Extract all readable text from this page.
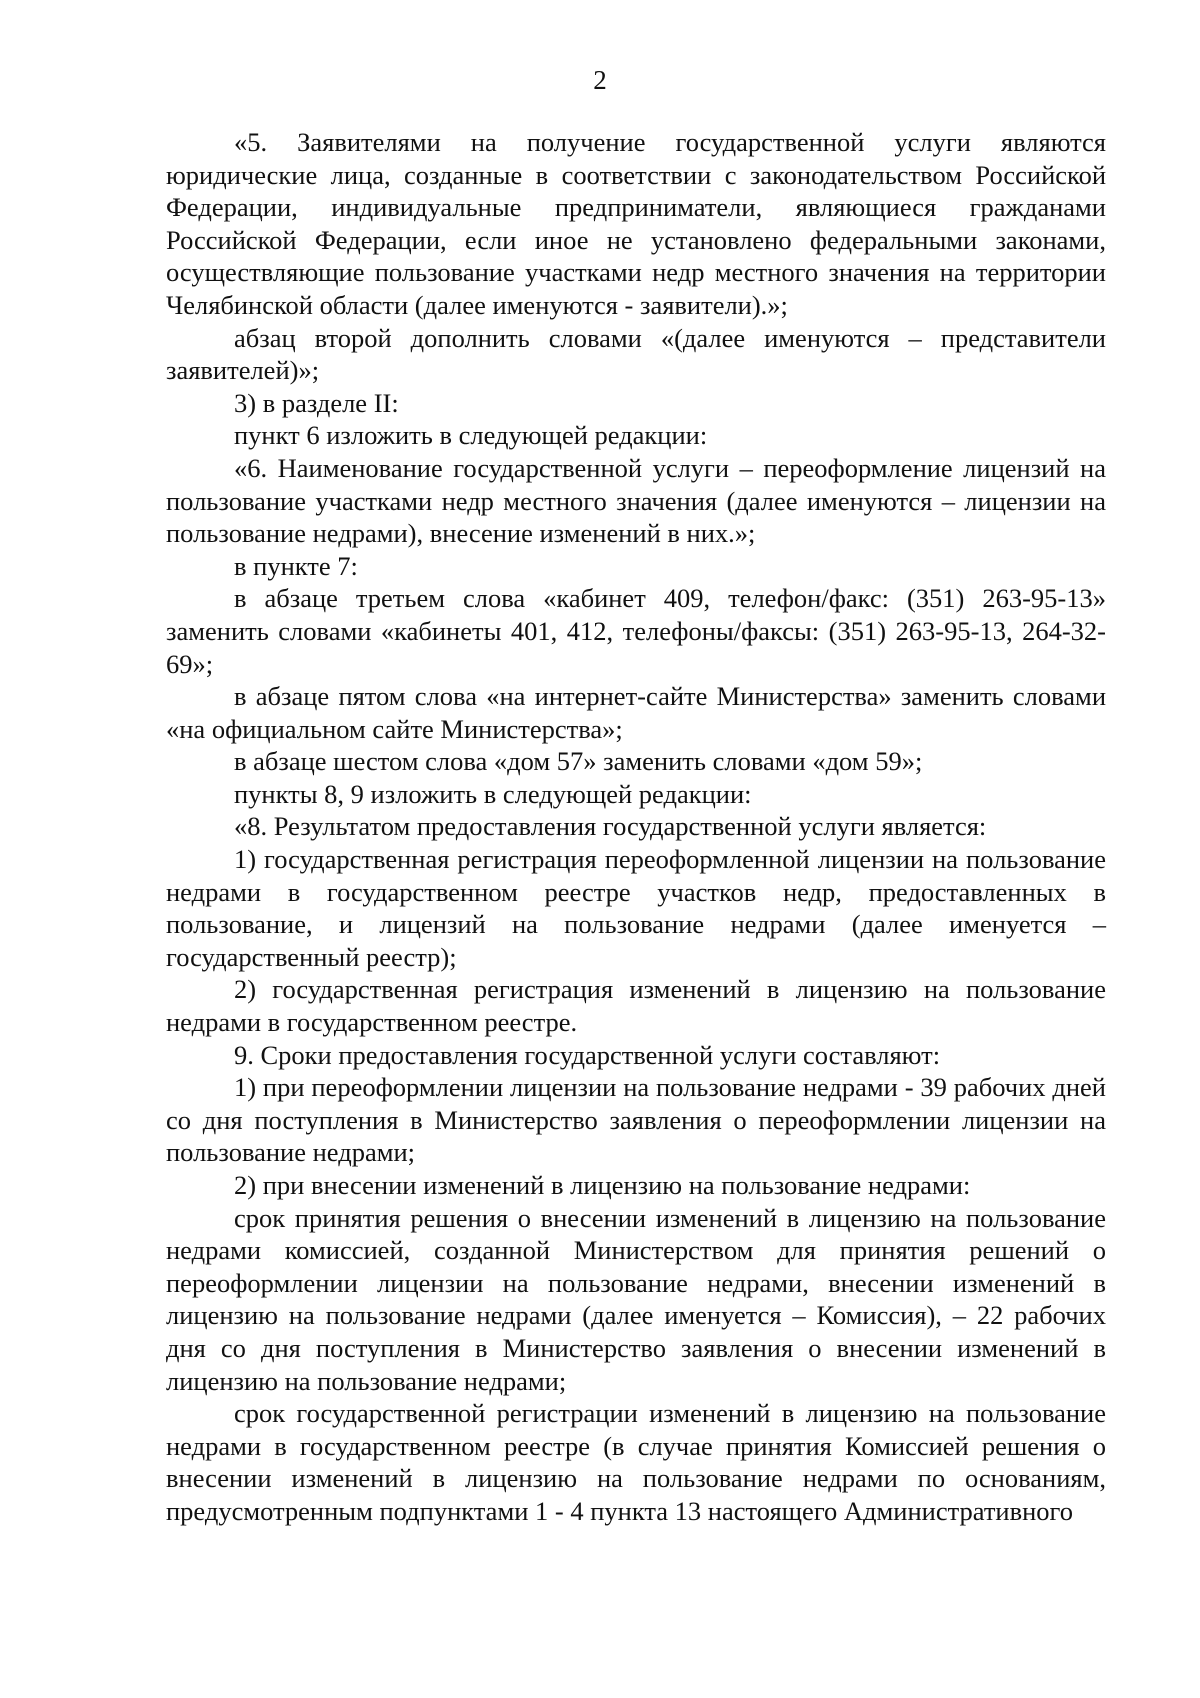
2

«5. Заявителями на получение государственной услуги являются юридические лица, созданные в соответствии с законодательством Российской Федерации, индивидуальные предприниматели, являющиеся гражданами Российской Федерации, если иное не установлено федеральными законами, осуществляющие пользование участками недр местного значения на территории Челябинской области (далее именуются - заявители).»;

абзац второй дополнить словами «(далее именуются – представители заявителей)»;

3) в разделе II:

пункт 6 изложить в следующей редакции:

«6. Наименование государственной услуги – переоформление лицензий на пользование участками недр местного значения (далее именуются – лицензии на пользование недрами), внесение изменений в них.»;

в пункте 7:

в абзаце третьем слова «кабинет 409, телефон/факс: (351) 263-95-13» заменить словами «кабинеты 401, 412, телефоны/факсы: (351) 263-95-13, 264-32-69»;

в абзаце пятом слова «на интернет-сайте Министерства» заменить словами «на официальном сайте Министерства»;

в абзаце шестом слова «дом 57» заменить словами «дом 59»;

пункты 8, 9 изложить в следующей редакции:

«8. Результатом предоставления государственной услуги является:

1) государственная регистрация переоформленной лицензии на пользование недрами в государственном реестре участков недр, предоставленных в пользование, и лицензий на пользование недрами (далее именуется – государственный реестр);

2) государственная регистрация изменений в лицензию на пользование недрами в государственном реестре.

9. Сроки предоставления государственной услуги составляют:

1) при переоформлении лицензии на пользование недрами - 39 рабочих дней со дня поступления в Министерство заявления о переоформлении лицензии на пользование недрами;

2) при внесении изменений в лицензию на пользование недрами:

срок принятия решения о внесении изменений в лицензию на пользование недрами комиссией, созданной Министерством для принятия решений о переоформлении лицензии на пользование недрами, внесении изменений в лицензию на пользование недрами (далее именуется – Комиссия), – 22 рабочих дня со дня поступления в Министерство заявления о внесении изменений в лицензию на пользование недрами;

срок государственной регистрации изменений в лицензию на пользование недрами в государственном реестре (в случае принятия Комиссией решения о внесении изменений в лицензию на пользование недрами по основаниям, предусмотренным подпунктами 1 - 4 пункта 13 настоящего Административного
